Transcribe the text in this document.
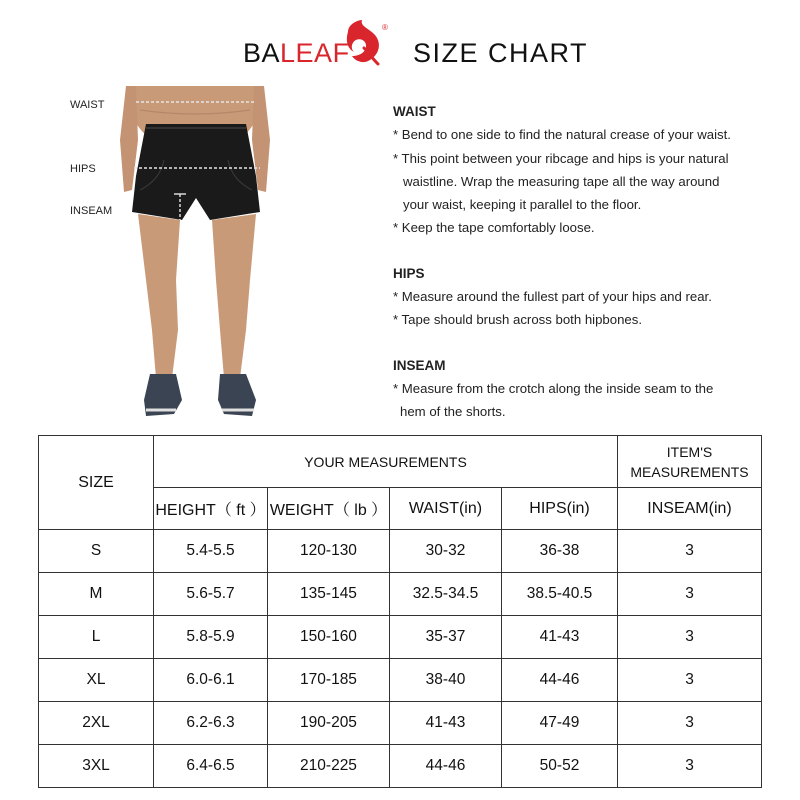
BALEAF
®
SIZE CHART
WAIST
HIPS
INSEAM
WAIST
* Bend to one side to find the natural crease of your waist.
* This point between your ribcage and hips is your natural
waistline. Wrap the measuring tape all the way around
your waist, keeping it parallel to the floor.
* Keep the tape comfortably loose.
HIPS
* Measure around the fullest part of your hips and rear.
* Tape should brush across both hipbones.
INSEAM
* Measure from the crotch along the inside seam to the
hem of the shorts.
SIZE	YOUR MEASUREMENTS				ITEM'S
MEASUREMENTS

	HEIGHT（ ft ）	WEIGHT（ lb ）	WAIST(in)	HIPS(in)	INSEAM(in)
S	5.4-5.5	120-130	30-32	36-38	3
M	5.6-5.7	135-145	32.5-34.5	38.5-40.5	3
L	5.8-5.9	150-160	35-37	41-43	3
XL	6.0-6.1	170-185	38-40	44-46	3
2XL	6.2-6.3	190-205	41-43	47-49	3
3XL	6.4-6.5	210-225	44-46	50-52	3
